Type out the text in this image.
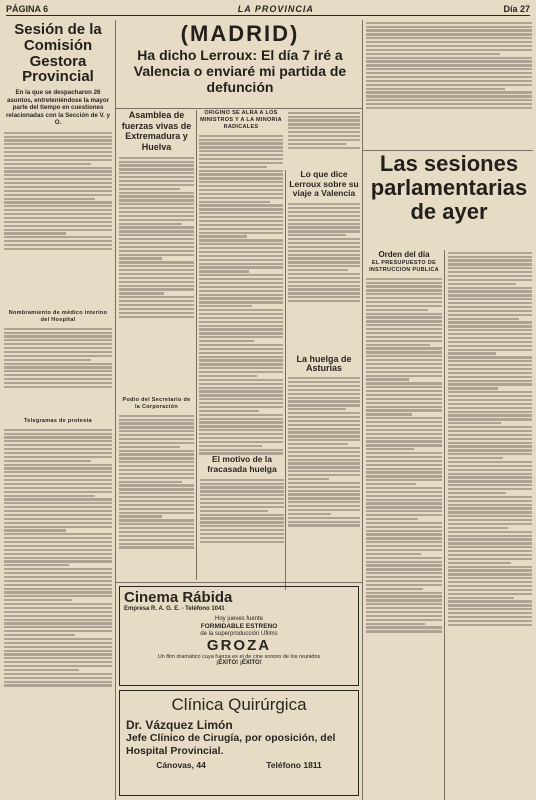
PÁGINA 6	LA PROVINCIA	Día 27
Sesión de la Comisión Gestora Provincial
En la que se despacharon 26 asuntos, entreteniéndose la mayor parte del tiempo en cuestiones relacionadas con la Sección de V. y O.
Nombramiento de médico interino del Hospital
Telegramas de protesta
(MADRID)
Ha dicho Lerroux: El día 7 iré a Valencia o enviaré mi partida de defunción
Asamblea de fuerzas vivas de Extremadura y Huelva
Podio del Secretario de la Corporación
ORIGINÓ SE ALRA A LOS MINISTROS Y A LA MINORIA RADICALES
Lo que dice Lerroux sobre su viaje a Valencia
La huelga de Asturias
El motivo de la fracasada huelga
Las sesiones parlamentarias de ayer
Orden del día
EL PRESUPUESTO DE INSTRUCCION PUBLICA
Cinema Rábida
Empresa R. A. G. E. - Teléfono 1041
Hoy jueves fuente
FORMIDABLE ESTRENO
de la superproducción Ufilms
GROZA
Un film dramático cuya fuerza es el de cine sonoro de los reunidos
¡ÉXITO! ¡ÉXITO!
Clínica Quirúrgica
Dr. Vázquez Limón
Jefe Clínico de Cirugía, por oposición, del Hospital Provincial.
Cánovas, 44	Teléfono 1811
